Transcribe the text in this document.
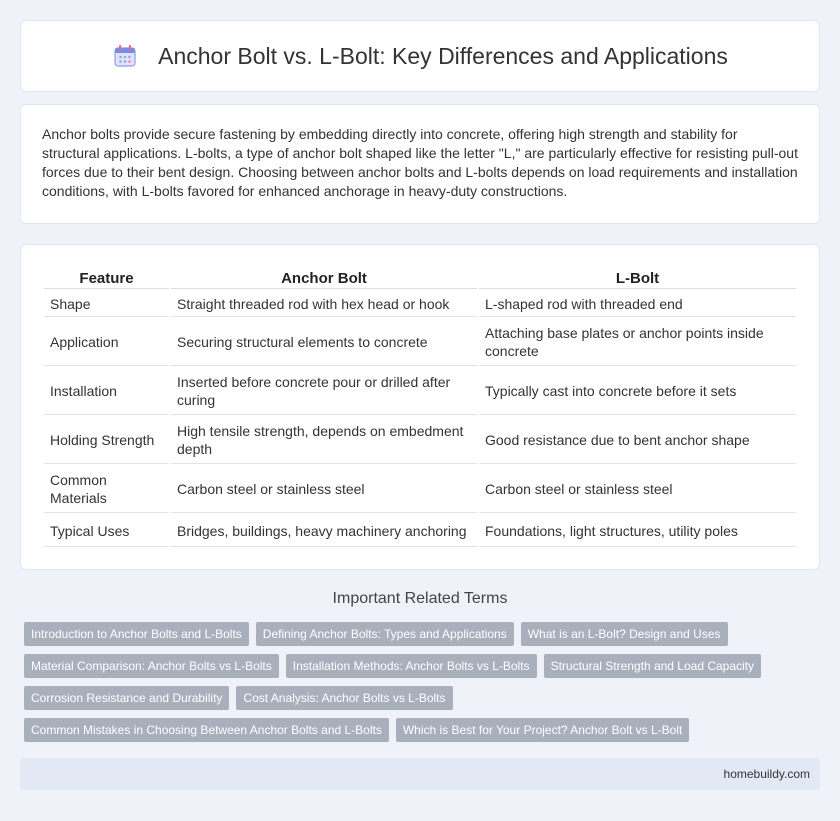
Anchor Bolt vs. L-Bolt: Key Differences and Applications

Anchor bolts provide secure fastening by embedding directly into concrete, offering high strength and stability for structural applications. L-bolts, a type of anchor bolt shaped like the letter "L," are particularly effective for resisting pull-out forces due to their bent design. Choosing between anchor bolts and L-bolts depends on load requirements and installation conditions, with L-bolts favored for enhanced anchorage in heavy-duty constructions.

Feature	Anchor Bolt	L-Bolt
Shape	Straight threaded rod with hex head or hook	L-shaped rod with threaded end
Application	Securing structural elements to concrete	Attaching base plates or anchor points inside concrete
Installation	Inserted before concrete pour or drilled after curing	Typically cast into concrete before it sets
Holding Strength	High tensile strength, depends on embedment depth	Good resistance due to bent anchor shape
Common Materials	Carbon steel or stainless steel	Carbon steel or stainless steel
Typical Uses	Bridges, buildings, heavy machinery anchoring	Foundations, light structures, utility poles
Important Related Terms
Introduction to Anchor Bolts and L-Bolts	Defining Anchor Bolts: Types and Applications	What is an L-Bolt? Design and Uses
Material Comparison: Anchor Bolts vs L-Bolts	Installation Methods: Anchor Bolts vs L-Bolts	Structural Strength and Load Capacity
Corrosion Resistance and Durability	Cost Analysis: Anchor Bolts vs L-Bolts
Common Mistakes in Choosing Between Anchor Bolts and L-Bolts	Which is Best for Your Project? Anchor Bolt vs L-Bolt
homebuildy.com
